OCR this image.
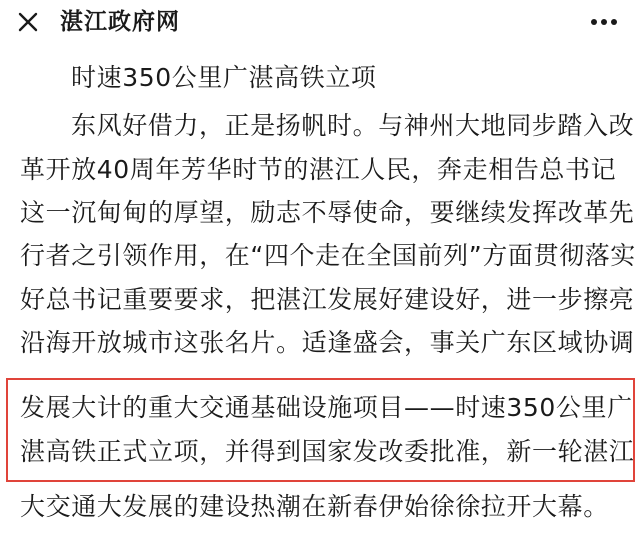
湛江政府网
时速350公里广湛高铁立项
东风好借力，正是扬帆时。与神州大地同步踏入改
革开放40周年芳华时节的湛江人民，奔走相告总书记
这一沉甸甸的厚望，励志不辱使命，要继续发挥改革先
行者之引领作用，在“四个走在全国前列”方面贯彻落实
好总书记重要要求，把湛江发展好建设好，进一步擦亮
沿海开放城市这张名片。适逢盛会，事关广东区域协调
发展大计的重大交通基础设施项目——时速350公里广
湛高铁正式立项，并得到国家发改委批准，新一轮湛江
大交通大发展的建设热潮在新春伊始徐徐拉开大幕。
